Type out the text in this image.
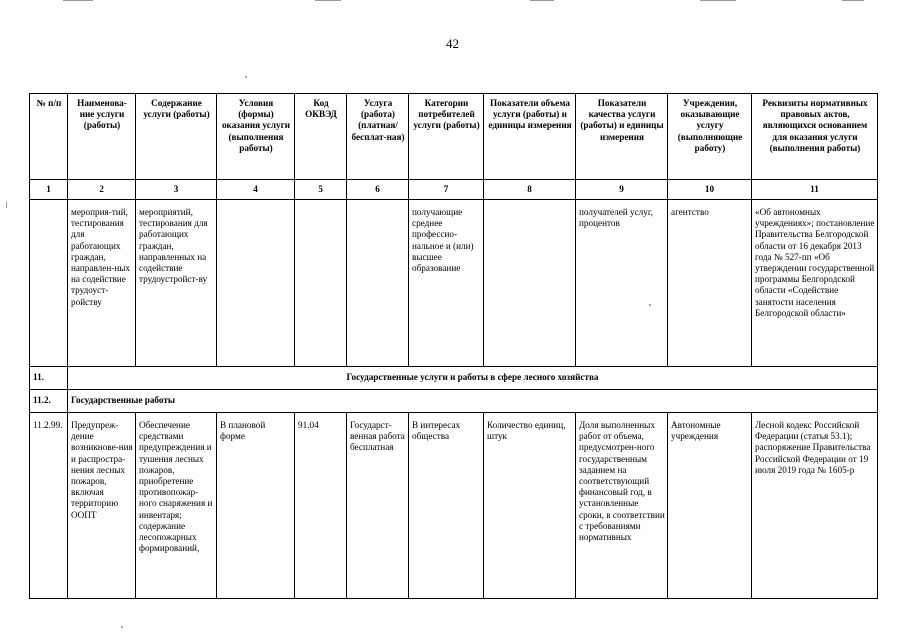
42
№ п/п	Наименова-ние услуги (работы)	Содержание услуги (работы)	Условия (формы) оказания услуги (выполнения работы)	Код ОКВЭД	Услуга (работа) (платная/ бесплат-ная)	Категории потребителей услуги (работы)	Показатели объема услуги (работы) и единицы измерения	Показатели качества услуги (работы) и единицы измерения	Учреждения, оказывающие услугу (выполняющие работу)	Реквизиты нормативных правовых актов, являющихся основанием для оказания услуги (выполнения работы)
1	2	3	4	5	6	7	8	9	10	11
	мероприя-тий, тестирования для работающих граждан, направлен-ных на содействие трудоуст-ройству	мероприятий, тестирования для работающих граждан, направленных на содействие трудоустройст-ву				получающие среднее профессио-нальное и (или) высшее образование		получателей услуг, процентов	агентство	«Об автономных учреждениях»; постановление Правительства Белгородской области от 16 декабря 2013 года № 527-пп «Об утверждении государственной программы Белгородской области «Содействие занятости населения Белгородской области»
11.	Государственные услуги и работы в сфере лесного хозяйства									
11.2.	Государственные работы									
11.2.99.	Предупреж-дение возникнове-ния и распростра-нения лесных пожаров, включая территорию ООПТ	Обеспечение средствами предупреждения и тушения лесных пожаров, приобретение противопожар-ного снаряжения и инвентаря; содержание лесопожарных формирований,	В плановой форме	91.04	Государст-венная работа бесплатная	В интересах общества	Количество единиц, штук	Доля выполненных работ от объема, предусмотрен-ного государственным заданием на соответствующий финансовый год, в установленные сроки, в соответствии с требованиями нормативных	Автономные учреждения	Лесной кодекс Российской Федерации (статья 53.1); распоряжение Правительства Российской Федерации от 19 июля 2019 года № 1605-р
